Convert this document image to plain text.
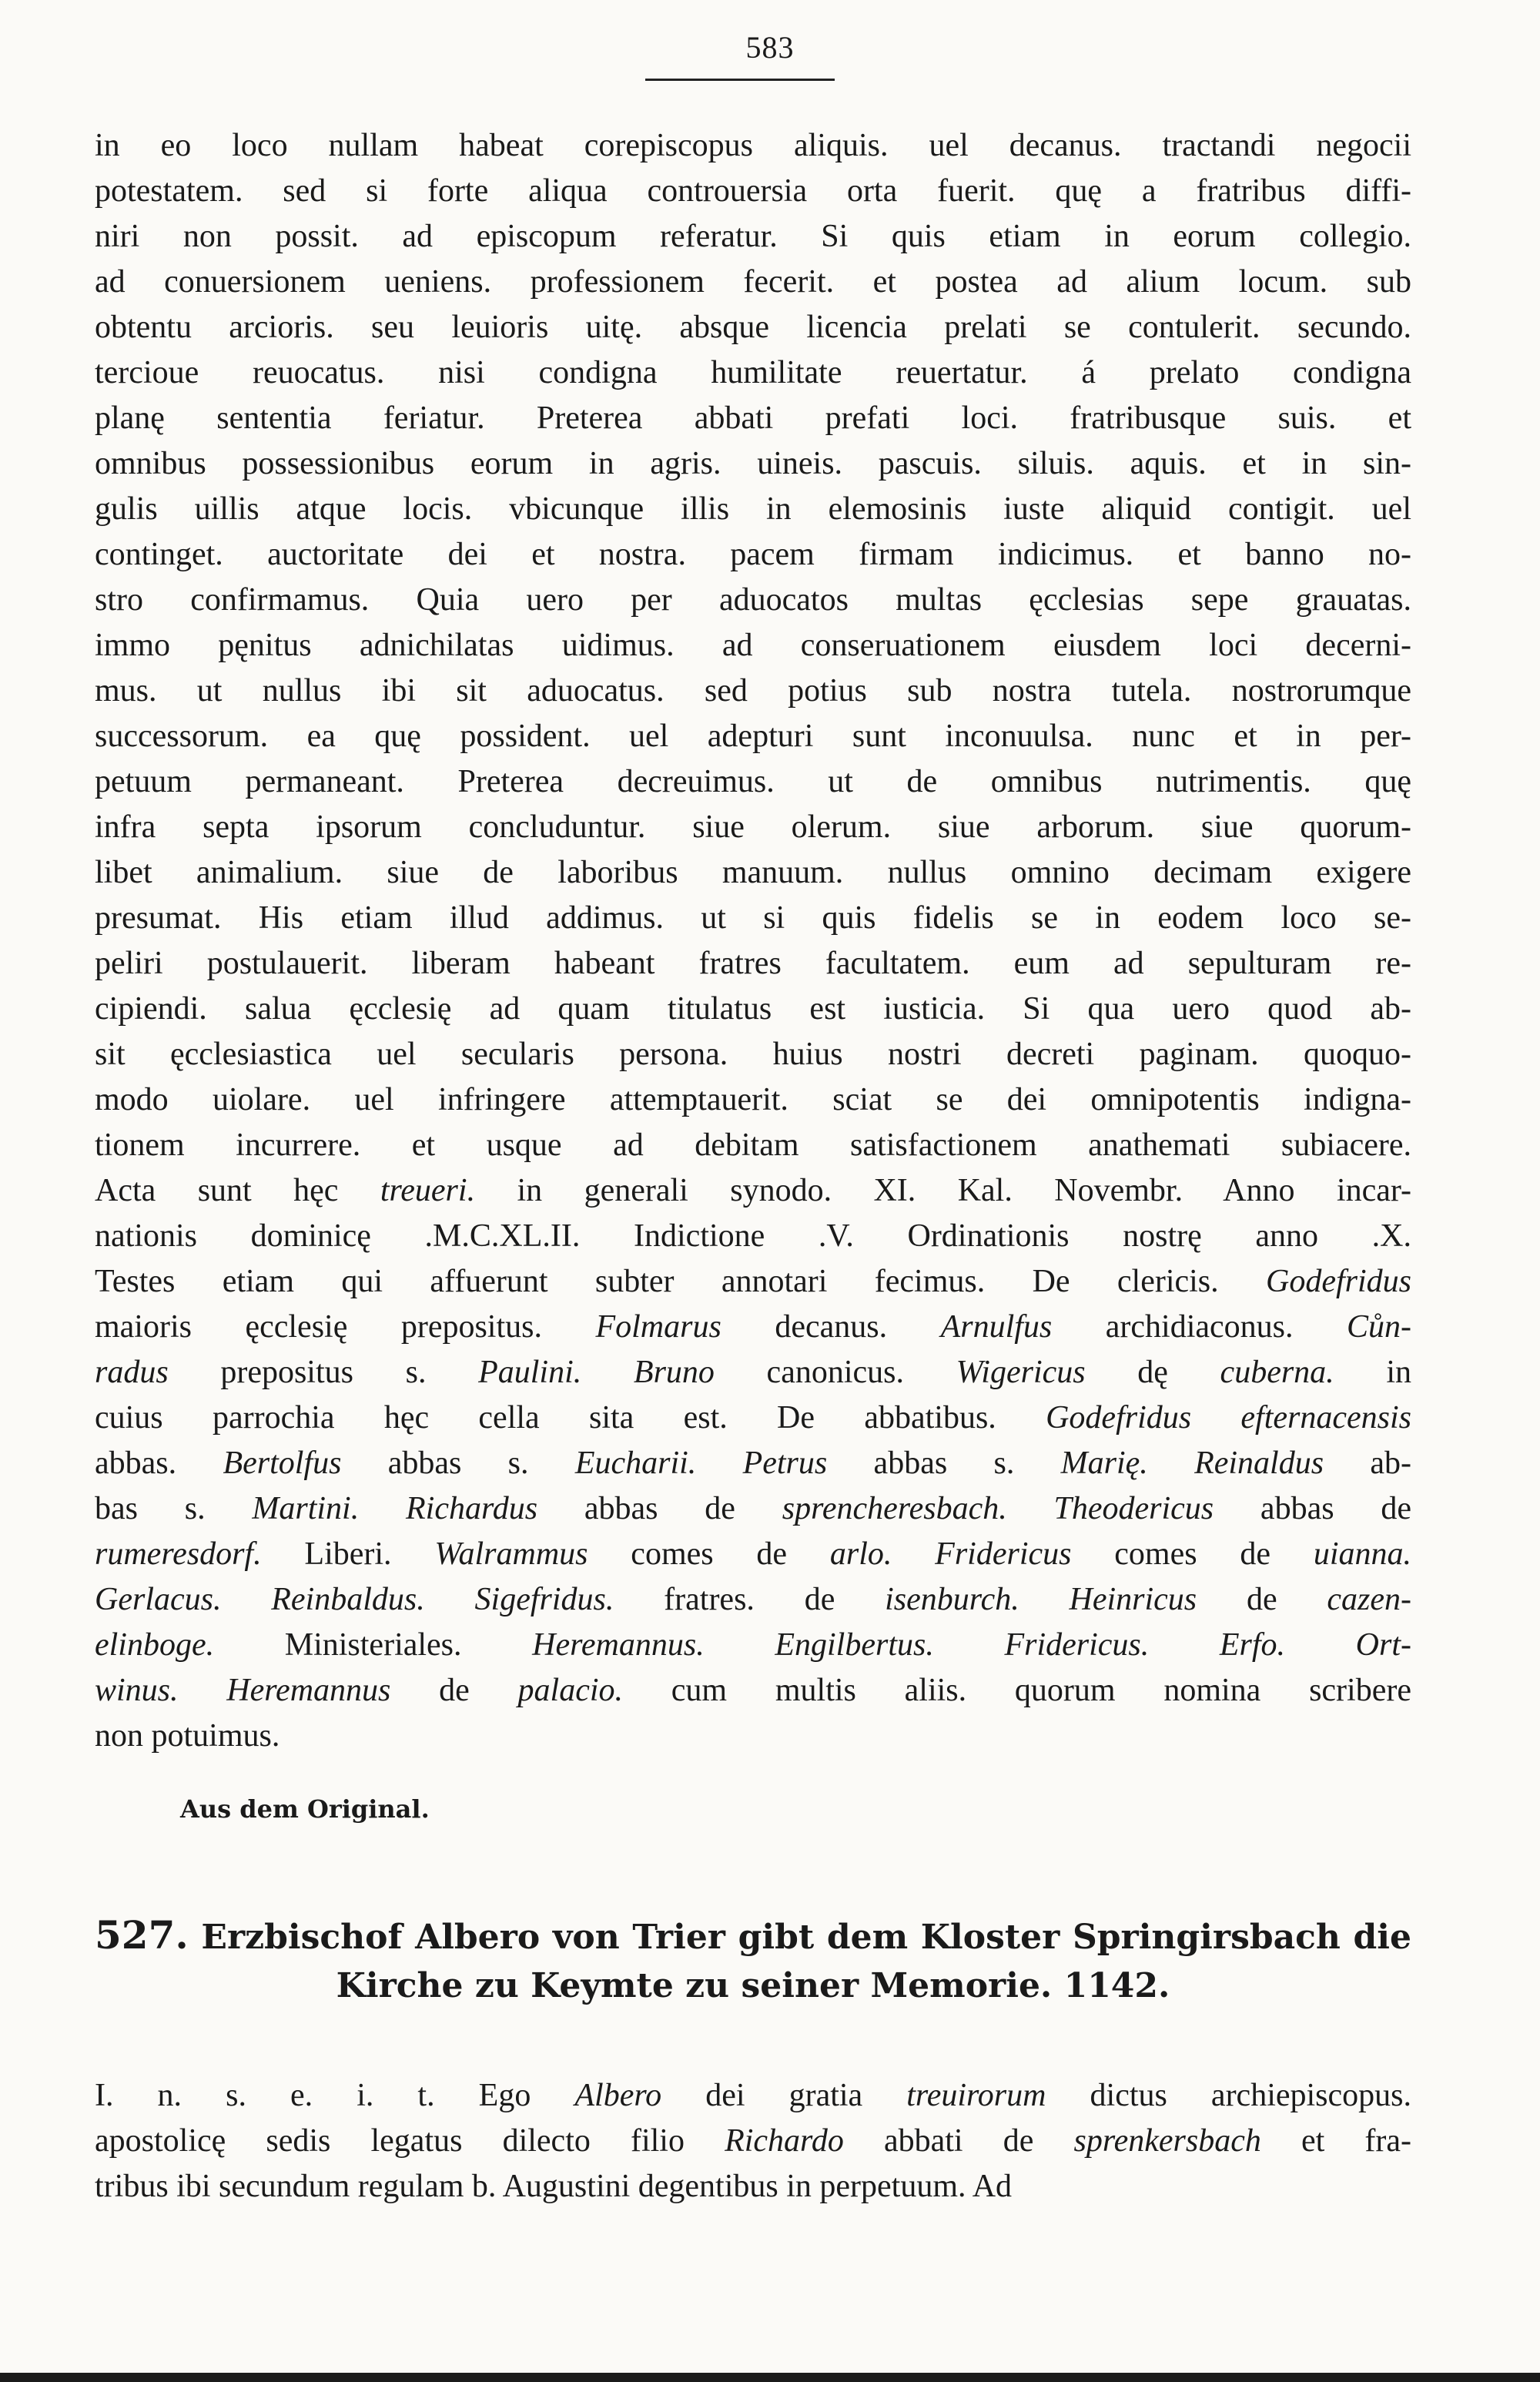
583
in eo loco nullam habeat corepiscopus aliquis. uel decanus. tractandi negocii
potestatem. sed si forte aliqua controuersia orta fuerit. quę a fratribus diffi-
niri non possit. ad episcopum referatur. Si quis etiam in eorum collegio.
ad conuersionem ueniens. professionem fecerit. et postea ad alium locum. sub
obtentu arcioris. seu leuioris uitę. absque licencia prelati se contulerit. secundo.
tercioue reuocatus. nisi condigna humilitate reuertatur. á prelato condigna
planę sententia feriatur. Preterea abbati prefati loci. fratribusque suis. et
omnibus possessionibus eorum in agris. uineis. pascuis. siluis. aquis. et in sin-
gulis uillis atque locis. vbicunque illis in elemosinis iuste aliquid contigit. uel
continget. auctoritate dei et nostra. pacem firmam indicimus. et banno no-
stro confirmamus. Quia uero per aduocatos multas ęcclesias sepe grauatas.
immo pęnitus adnichilatas uidimus. ad conseruationem eiusdem loci decerni-
mus. ut nullus ibi sit aduocatus. sed potius sub nostra tutela. nostrorumque
successorum. ea quę possident. uel adepturi sunt inconuulsa. nunc et in per-
petuum permaneant. Preterea decreuimus. ut de omnibus nutrimentis. quę
infra septa ipsorum concluduntur. siue olerum. siue arborum. siue quorum-
libet animalium. siue de laboribus manuum. nullus omnino decimam exigere
presumat. His etiam illud addimus. ut si quis fidelis se in eodem loco se-
peliri postulauerit. liberam habeant fratres facultatem. eum ad sepulturam re-
cipiendi. salua ęcclesię ad quam titulatus est iusticia. Si qua uero quod ab-
sit ęcclesiastica uel secularis persona. huius nostri decreti paginam. quoquo-
modo uiolare. uel infringere attemptauerit. sciat se dei omnipotentis indigna-
tionem incurrere. et usque ad debitam satisfactionem anathemati subiacere.
Acta sunt hęc treueri. in generali synodo. XI. Kal. Novembr. Anno incar-
nationis dominicę .M.C.XL.II. Indictione .V. Ordinationis nostrę anno .X.
Testes etiam qui affuerunt subter annotari fecimus. De clericis. Godefridus
maioris ęcclesię prepositus. Folmarus decanus. Arnulfus archidiaconus. Cůn-
radus prepositus s. Paulini. Bruno canonicus. Wigericus dę cuberna. in
cuius parrochia hęc cella sita est. De abbatibus. Godefridus efternacensis
abbas. Bertolfus abbas s. Eucharii. Petrus abbas s. Marię. Reinaldus ab-
bas s. Martini. Richardus abbas de sprencheresbach. Theodericus abbas de
rumeresdorf. Liberi. Walrammus comes de arlo. Fridericus comes de uianna.
Gerlacus. Reinbaldus. Sigefridus. fratres. de isenburch. Heinricus de cazen-
elinboge. Ministeriales. Heremannus. Engilbertus. Fridericus. Erfo. Ort-
winus. Heremannus de palacio. cum multis aliis. quorum nomina scribere
non potuimus.
Aus dem Original.
527. Erzbischof Albero von Trier gibt dem Kloster Springirsbach die
Kirche zu Keymte zu seiner Memorie. 1142.
I. n. s. e. i. t. Ego Albero dei gratia treuirorum dictus archiepiscopus.
apostolicę sedis legatus dilecto filio Richardo abbati de sprenkersbach et fra-
tribus ibi secundum regulam b. Augustini degentibus in perpetuum. Ad
